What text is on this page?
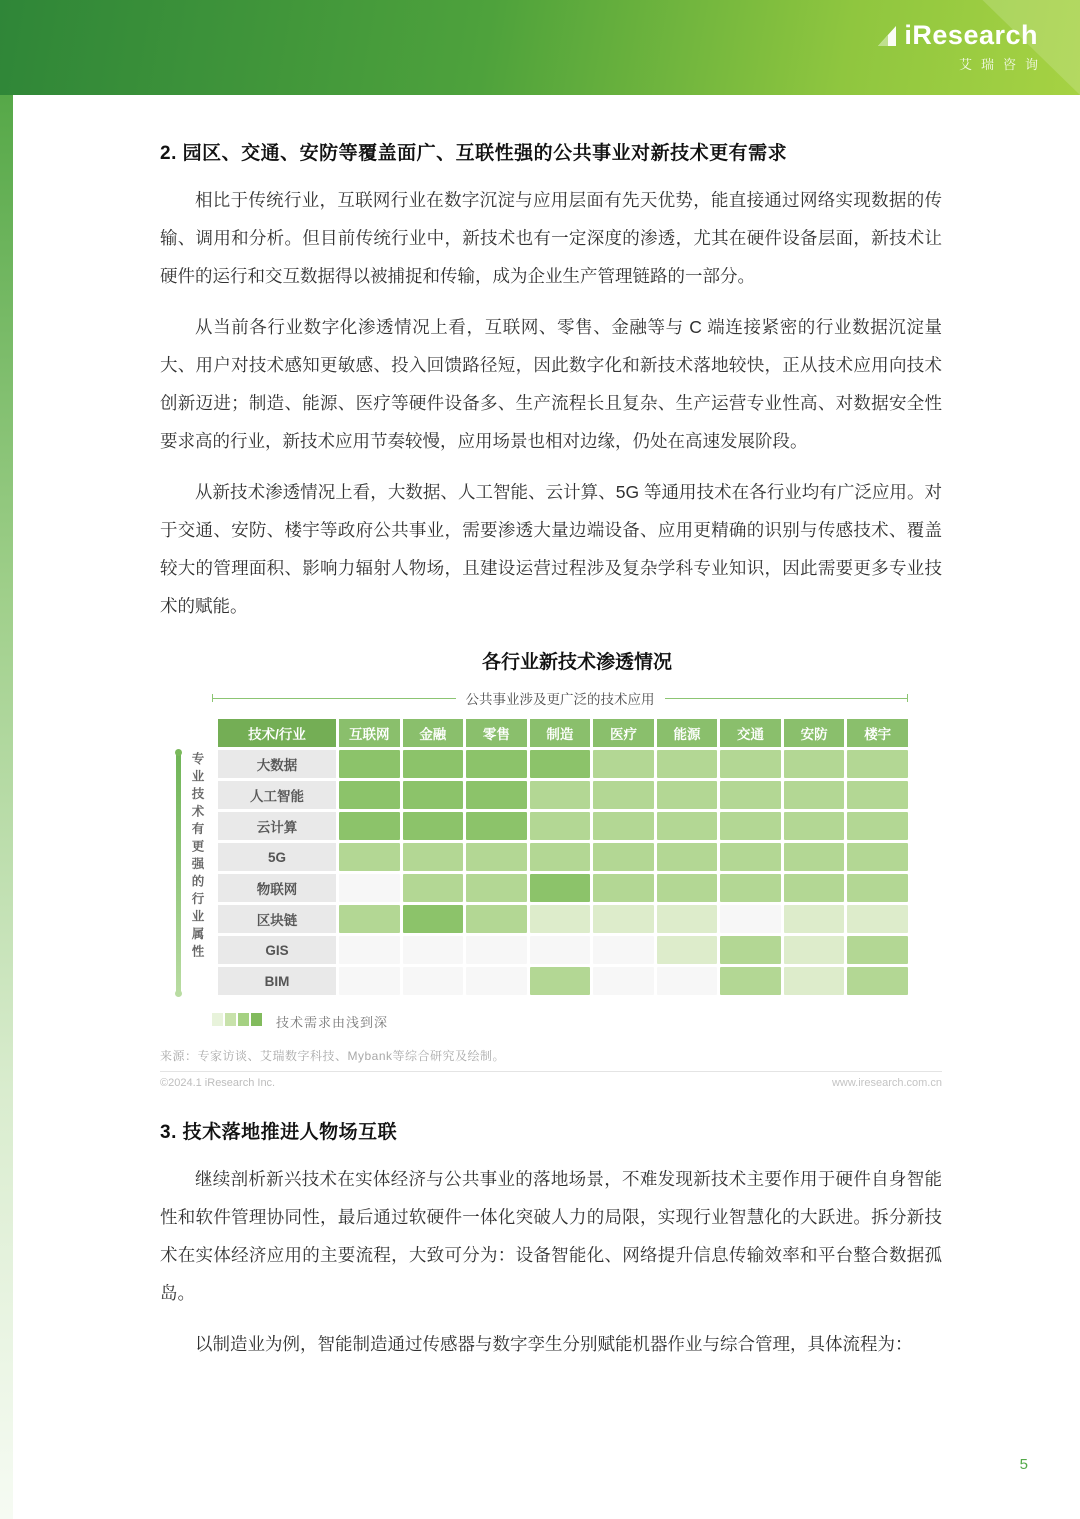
iResearch
艾瑞咨询
2. 园区、交通、安防等覆盖面广、互联性强的公共事业对新技术更有需求

相比于传统行业，互联网行业在数字沉淀与应用层面有先天优势，能直接通过网络实现数据的传输、调用和分析。但目前传统行业中，新技术也有一定深度的渗透，尤其在硬件设备层面，新技术让硬件的运行和交互数据得以被捕捉和传输，成为企业生产管理链路的一部分。

从当前各行业数字化渗透情况上看，互联网、零售、金融等与 C 端连接紧密的行业数据沉淀量大、用户对技术感知更敏感、投入回馈路径短，因此数字化和新技术落地较快，正从技术应用向技术创新迈进；制造、能源、医疗等硬件设备多、生产流程长且复杂、生产运营专业性高、对数据安全性要求高的行业，新技术应用节奏较慢，应用场景也相对边缘，仍处在高速发展阶段。

从新技术渗透情况上看，大数据、人工智能、云计算、5G 等通用技术在各行业均有广泛应用。对于交通、安防、楼宇等政府公共事业，需要渗透大量边端设备、应用更精确的识别与传感技术、覆盖较大的管理面积、影响力辐射人物场，且建设运营过程涉及复杂学科专业知识，因此需要更多专业技术的赋能。

各行业新技术渗透情况
公共事业涉及更广泛的技术应用
专业技术有更强的行业属性
技术/行业	互联网	金融	零售	制造	医疗	能源	交通	安防	楼宇
大数据									
人工智能									
云计算									
5G									
物联网									
区块链									
GIS									
BIM									
技术需求由浅到深
来源：专家访谈、艾瑞数字科技、Mybank等综合研究及绘制。
©2024.1 iResearch Inc.	www.iresearch.com.cn
3. 技术落地推进人物场互联

继续剖析新兴技术在实体经济与公共事业的落地场景，不难发现新技术主要作用于硬件自身智能性和软件管理协同性，最后通过软硬件一体化突破人力的局限，实现行业智慧化的大跃进。拆分新技术在实体经济应用的主要流程，大致可分为：设备智能化、网络提升信息传输效率和平台整合数据孤岛。

以制造业为例，智能制造通过传感器与数字孪生分别赋能机器作业与综合管理，具体流程为：

5
